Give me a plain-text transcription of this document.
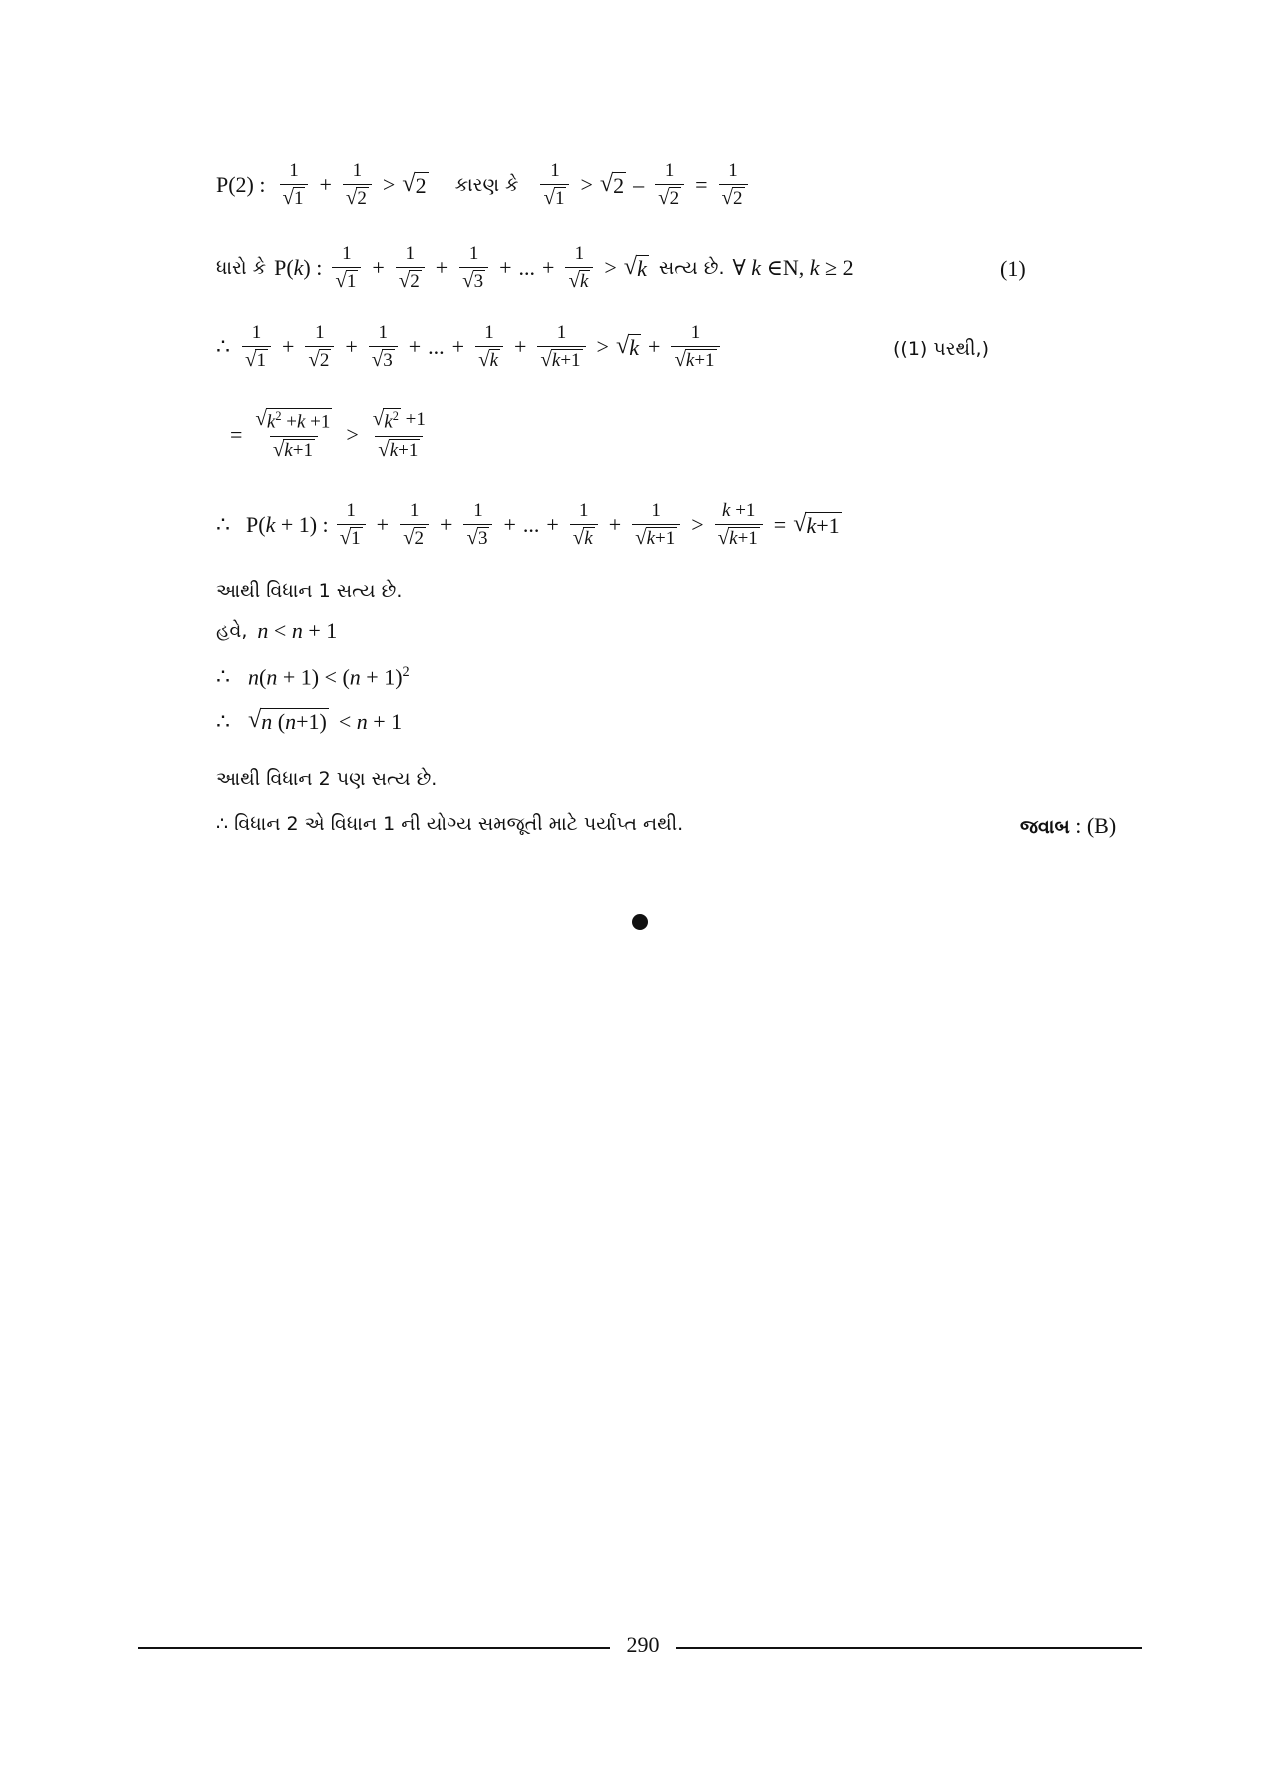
P(2) : $\frac{1}{√ 1} + \frac{1}{√ 2}$ > √ 2 કારણ કે $\frac{1}{√ 1}$ > √ $2 - \frac{1}{√ 2} = \frac{1}{√ 2}$
ધારો કે P(k) : $\frac{1}{√ 1} + \frac{1}{√ 2} + \frac{1}{√ 3}$ + ... + $\frac{1}{√ k}$ > √ k સત્ય છે. ∀ k ∈N, k ≥ 2	(1)
∴ $\frac{1}{√ 1} + \frac{1}{√ 2} + \frac{1}{√ 3}$ + ... + $\frac{1}{√ k} + \frac{1}{√ k+1}$ > √ $k + \frac{1}{√ k+1}$	((1) પરથી,)
= $\frac{√ k^2 +k +1}{√ k+1} > \frac{√ k^2 +1}{√ k+1}$
∴ P(k + 1) : $\frac{1}{√ 1} + \frac{1}{√ 2} + \frac{1}{√ 3}$ + ... + $\frac{1}{√ k} + \frac{1}{√ k+1} > \frac{k +1}{√ k+1}$ = √ k+1
આથી વિધાન 1 સત્ય છે.
હવે, n < n + 1
∴ $n(n + 1) < (n + 1)^2$
∴ √ n (n+1) < n + 1
આથી વિધાન 2 પણ સત્ય છે.
∴ વિધાન 2 એ વિધાન 1 ની યોગ્ય સમજૂતી માટે પર્યાપ્ત નથી.	જવાબ : (B)
290
